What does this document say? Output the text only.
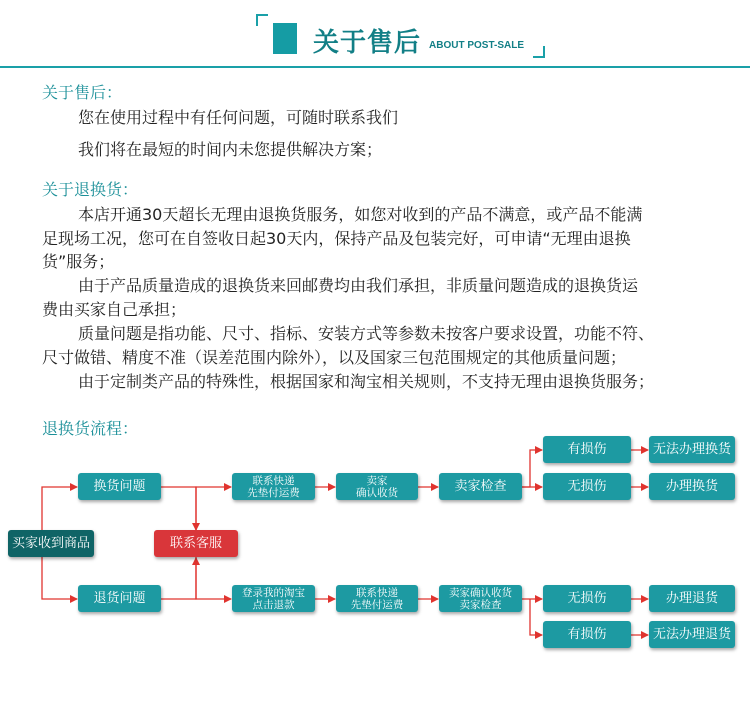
关于售后 ABOUT POST-SALE
关于售后：
您在使用过程中有任何问题，可随时联系我们
我们将在最短的时间内未您提供解决方案；
关于退换货：
本店开通30天超长无理由退换货服务，如您对收到的产品不满意，或产品不能满
足现场工况，您可在自签收日起30天内，保持产品及包装完好，可申请“无理由退换
货”服务；
由于产品质量造成的退换货来回邮费均由我们承担，非质量问题造成的退换货运
费由买家自己承担；
质量问题是指功能、尺寸、指标、安装方式等参数未按客户要求设置，功能不符、
尺寸做错、精度不准（误差范围内除外），以及国家三包范围规定的其他质量问题；
由于定制类产品的特殊性，根据国家和淘宝相关规则，不支持无理由退换货服务；
退换货流程：
买家收到商品
换货问题
退货问题
联系客服
联系快递
先垫付运费
卖家
确认收货	卖家检查
有损伤
无损伤
无法办理换货
办理换货
登录我的淘宝
点击退款
联系快递
先垫付运费
卖家确认收货
卖家检查	无损伤
有损伤
办理退货
无法办理退货
